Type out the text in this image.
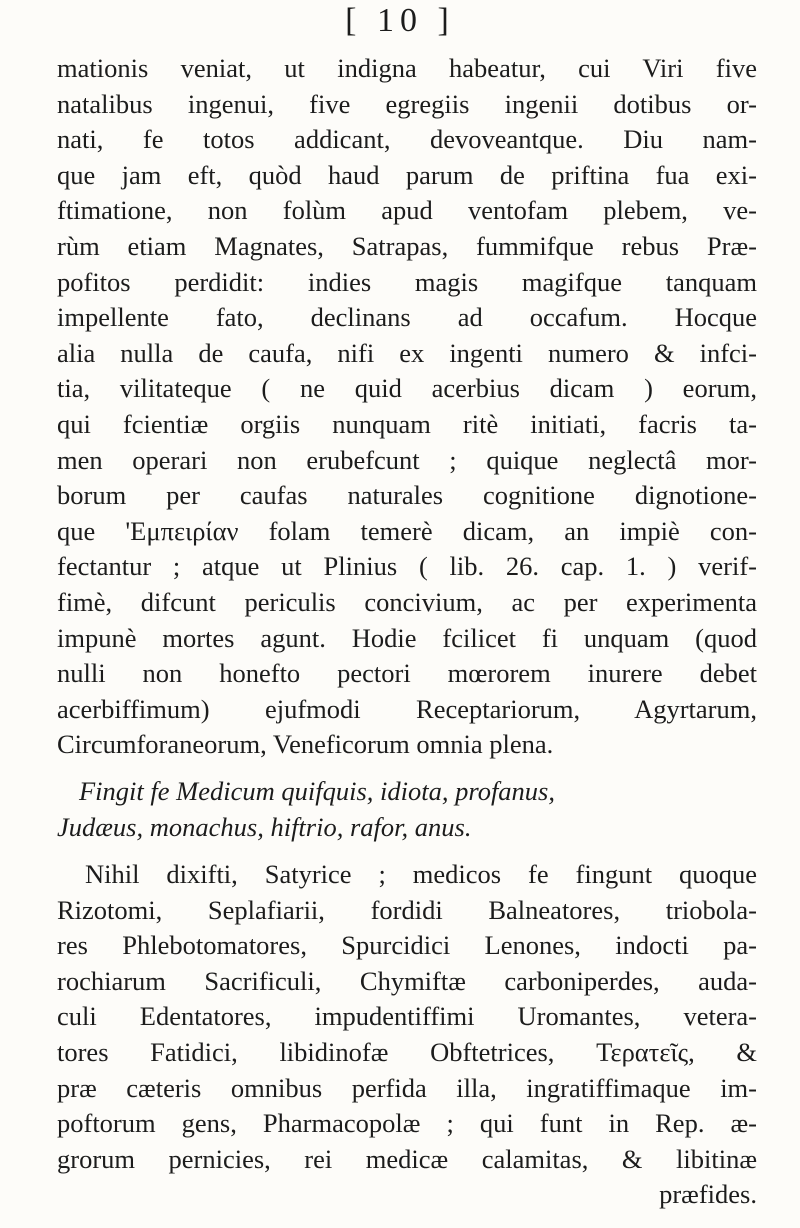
[ 10 ]

mationis veniat, ut indigna habeatur, cui Viri five
natalibus ingenui, five egregiis ingenii dotibus or-
nati, fe totos addicant, devoveantque. Diu nam-
que jam eft, quòd haud parum de priftina fua exi-
ftimatione, non folùm apud ventofam plebem, ve-
rùm etiam Magnates, Satrapas, fummifque rebus Præ-
pofitos perdidit: indies magis magifque tanquam
impellente fato, declinans ad occafum. Hocque
alia nulla de caufa, nifi ex ingenti numero & infci-
tia, vilitateque ( ne quid acerbius dicam ) eorum,
qui fcientiæ orgiis nunquam ritè initiati, facris ta-
men operari non erubefcunt ; quique neglectâ mor-
borum per caufas naturales cognitione dignotione-
que 'Eμπειρίαν folam temerè dicam, an impiè con-
fectantur ; atque ut Plinius ( lib. 26. cap. 1. ) verif-
fimè, difcunt periculis concivium, ac per experimenta
impunè mortes agunt. Hodie fcilicet fi unquam (quod
nulli non honefto pectori mœrorem inurere debet
acerbiffimum) ejufmodi Receptariorum, Agyrtarum,
Circumforaneorum, Veneficorum omnia plena.

Fingit fe Medicum quifquis, idiota, profanus,
Judæus, monachus, hiftrio, rafor, anus.

Nihil dixifti, Satyrice ; medicos fe fingunt quoque
Rizotomi, Seplafiarii, fordidi Balneatores, triobola-
res Phlebotomatores, Spurcidici Lenones, indocti pa-
rochiarum Sacrificuli, Chymiftæ carboniperdes, auda-
culi Edentatores, impudentiffimi Uromantes, vetera-
tores Fatidici, libidinofæ Obftetrices, Τερατεῖς, &
præ cæteris omnibus perfida illa, ingratiffimaque im-
poftorum gens, Pharmacopolæ ; qui funt in Rep. æ-
grorum pernicies, rei medicæ calamitas, & libitinæ
præfides.
